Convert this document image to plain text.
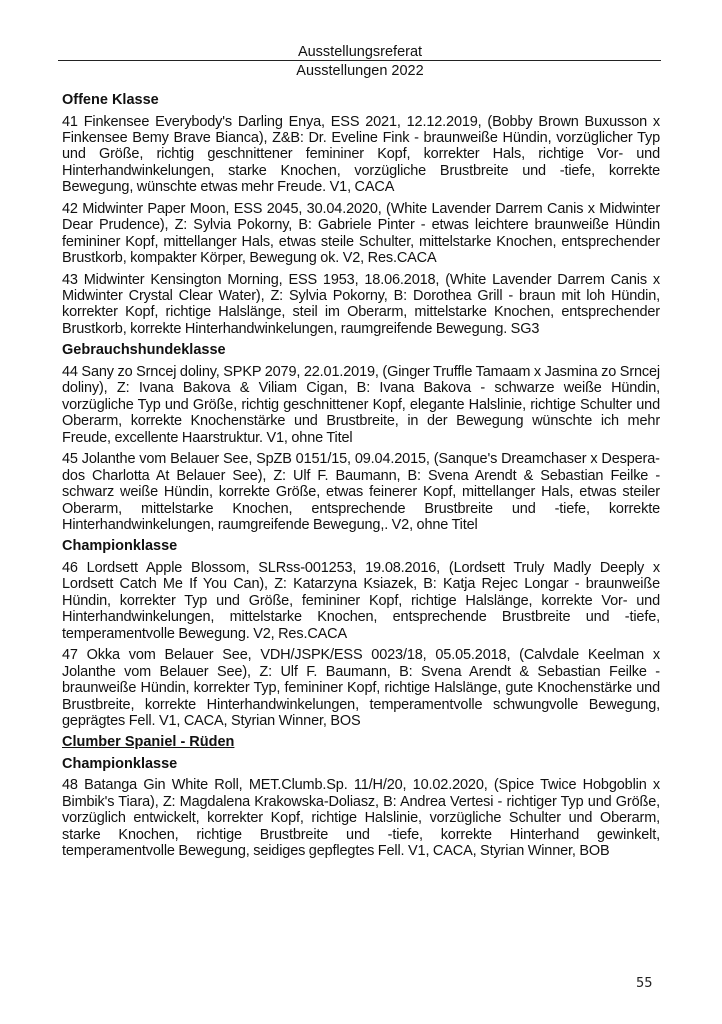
Ausstellungsreferat
Ausstellungen 2022
Offene Klasse
41 Finkensee Everybody's Darling Enya, ESS 2021, 12.12.2019, (Bobby Brown Buxusson x Finkensee Bemy Brave Bianca), Z&B: Dr. Eveline Fink - braunweiße Hündin, vorzüglicher Typ und Größe, richtig geschnittener femininer Kopf, korrekter Hals, richtige Vor- und Hinterhandwinkelungen, starke Knochen, vorzügliche Brustbreite und -tiefe, korrekte Bewegung, wünschte etwas mehr Freude. V1, CACA
42 Midwinter Paper Moon, ESS 2045, 30.04.2020, (White Lavender Darrem Canis x Midwinter Dear Prudence), Z: Sylvia Pokorny, B: Gabriele Pinter - etwas leichtere braunweiße Hündin femininer Kopf, mittellanger Hals, etwas steile Schulter, mittelstarke Knochen, entsprechender Brustkorb, kompakter Körper, Bewegung ok. V2, Res.CACA
43 Midwinter Kensington Morning, ESS 1953, 18.06.2018, (White Lavender Darrem Canis x Midwinter Crystal Clear Water), Z: Sylvia Pokorny, B: Dorothea Grill - braun mit loh Hündin, korrekter Kopf, richtige Halslänge, steil im Oberarm, mittelstarke Knochen, entsprechender Brustkorb, korrekte Hinterhandwinkelungen, raumgreifende Bewegung. SG3
Gebrauchshundeklasse
44 Sany zo Srncej doliny, SPKP 2079, 22.01.2019, (Ginger Truffle Tamaam x Jasmina zo Srncej doliny), Z: Ivana Bakova & Viliam Cigan, B: Ivana Bakova - schwarze weiße Hündin, vorzügliche Typ und Größe, richtig geschnittener Kopf, elegante Halslinie, richtige Schulter und Oberarm, korrekte Knochenstärke und Brustbreite, in der Bewegung wünschte ich mehr Freude, excellente Haarstruktur. V1, ohne Titel
45 Jolanthe vom Belauer See, SpZB 0151/15, 09.04.2015, (Sanque's Dreamchaser x Desperados Charlotta At Belauer See), Z: Ulf F. Baumann, B: Svena Arendt & Sebastian Feilke - schwarz weiße Hündin, korrekte Größe, etwas feinerer Kopf, mittellanger Hals, etwas steiler Oberarm, mittelstarke Knochen, entsprechende Brustbreite und -tiefe, korrekte Hinterhandwinkelungen, raumgreifende Bewegung,. V2, ohne Titel
Championklasse
46 Lordsett Apple Blossom, SLRss-001253, 19.08.2016, (Lordsett Truly Madly Deeply x Lordsett Catch Me If You Can), Z: Katarzyna Ksiazek, B: Katja Rejec Longar - braunweiße Hündin, korrekter Typ und Größe, femininer Kopf, richtige Halslänge, korrekte Vor- und Hinterhandwinkelungen, mittelstarke Knochen, entsprechende Brustbreite und -tiefe, temperamentvolle Bewegung. V2, Res.CACA
47 Okka vom Belauer See, VDH/JSPK/ESS 0023/18, 05.05.2018, (Calvdale Keelman x Jolanthe vom Belauer See), Z: Ulf F. Baumann, B: Svena Arendt & Sebastian Feilke - braunweiße Hündin, korrekter Typ, femininer Kopf, richtige Halslänge, gute Knochenstärke und Brustbreite, korrekte Hinterhandwinkelungen, temperamentvolle schwungvolle Bewegung, geprägtes Fell. V1, CACA, Styrian Winner, BOS
Clumber Spaniel - Rüden
Championklasse
48 Batanga Gin White Roll, MET.Clumb.Sp. 11/H/20, 10.02.2020, (Spice Twice Hobgoblin x Bimbik's Tiara), Z: Magdalena Krakowska-Doliasz, B: Andrea Vertesi - richtiger Typ und Größe, vorzüglich entwickelt, korrekter Kopf, richtige Halslinie, vorzügliche Schulter und Oberarm, starke Knochen, richtige Brustbreite und -tiefe, korrekte Hinterhand gewinkelt, temperamentvolle Bewegung, seidiges gepflegtes Fell. V1, CACA, Styrian Winner, BOB
55
